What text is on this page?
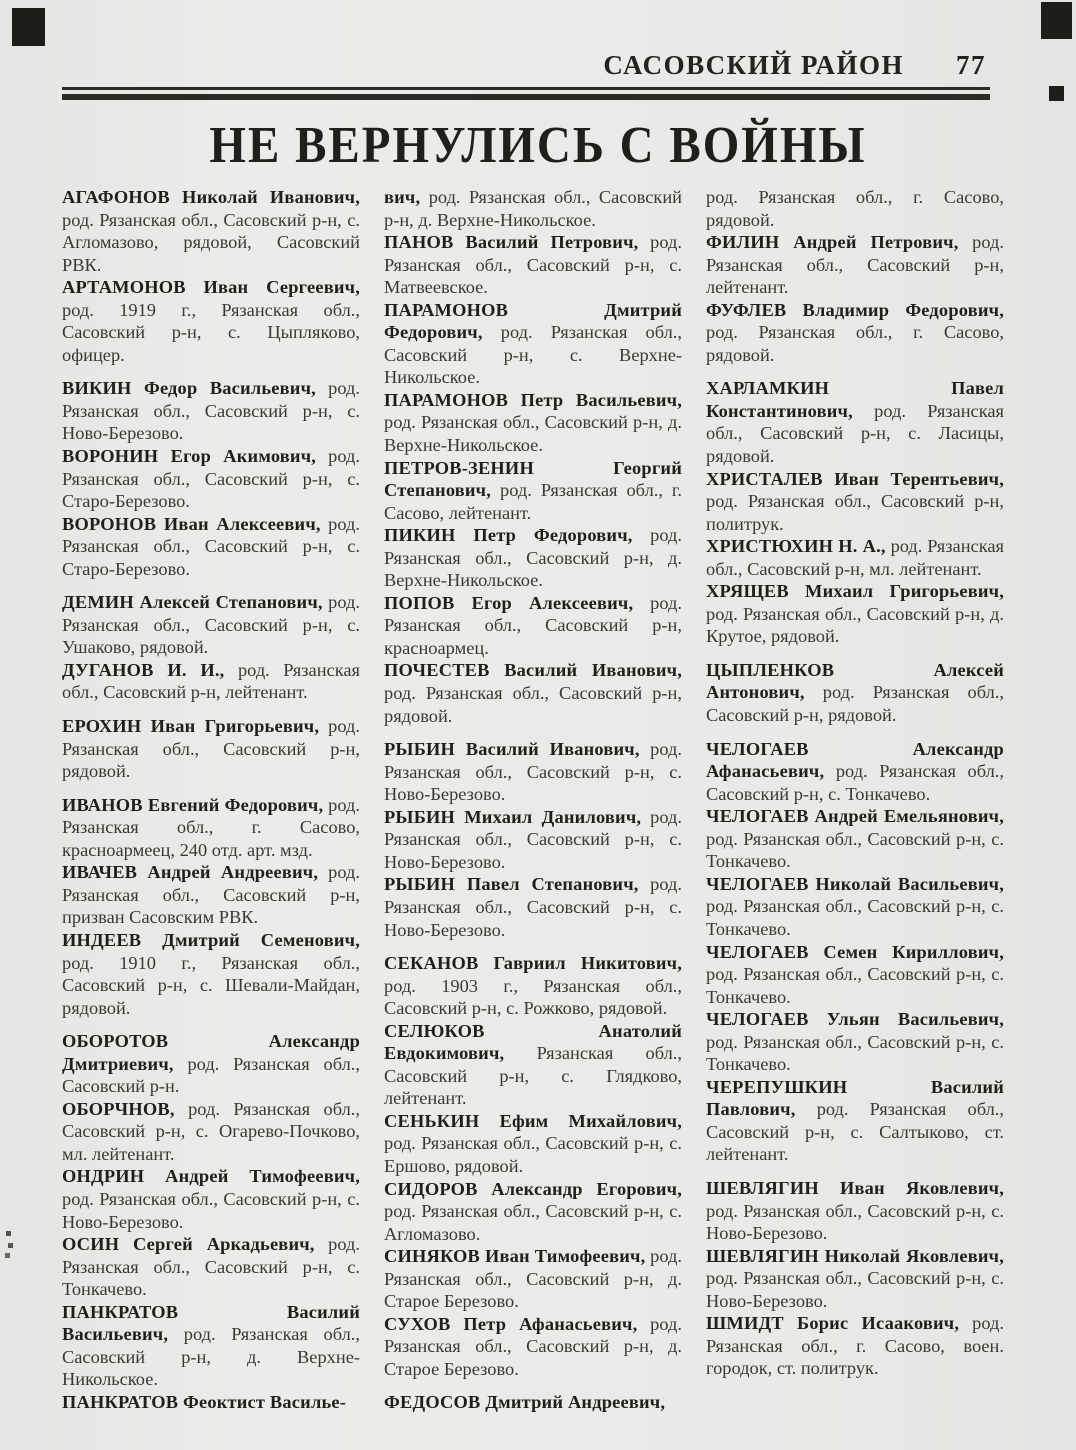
САСОВСКИЙ РАЙОН 77
НЕ ВЕРНУЛИСЬ С ВОЙНЫ

АГАФОНОВ Николай Иванович, род. Рязанская обл., Сасовский р-н, с. Агломазово, рядовой, Сасовский РВК.

АРТАМОНОВ Иван Сергеевич, род. 1919 г., Рязанская обл., Сасовский р-н, с. Цыпляково, офицер.

ВИКИН Федор Васильевич, род. Рязанская обл., Сасовский р-н, с. Ново-Березово.

ВОРОНИН Егор Акимович, род. Рязанская обл., Сасовский р-н, с. Старо-Березово.

ВОРОНОВ Иван Алексеевич, род. Рязанская обл., Сасовский р-н, с. Старо-Березово.

ДЕМИН Алексей Степанович, род. Рязанская обл., Сасовский р-н, с. Ушаково, рядовой.

ДУГАНОВ И. И., род. Рязанская обл., Сасовский р-н, лейтенант.

ЕРОХИН Иван Григорьевич, род. Рязанская обл., Сасовский р-н, рядовой.

ИВАНОВ Евгений Федорович, род. Рязанская обл., г. Сасово, красноармеец, 240 отд. арт. мзд.

ИВАЧЕВ Андрей Андреевич, род. Рязанская обл., Сасовский р-н, призван Сасовским РВК.

ИНДЕЕВ Дмитрий Семенович, род. 1910 г., Рязанская обл., Сасовский р-н, с. Шевали-Майдан, рядовой.

ОБОРОТОВ Александр Дмитриевич, род. Рязанская обл., Сасовский р-н.

ОБОРЧНОВ, род. Рязанская обл., Сасовский р-н, с. Огарево-Почково, мл. лейтенант.

ОНДРИН Андрей Тимофеевич, род. Рязанская обл., Сасовский р-н, с. Ново-Березово.

ОСИН Сергей Аркадьевич, род. Рязанская обл., Сасовский р-н, с. Тонкачево.

ПАНКРАТОВ Василий Васильевич, род. Рязанская обл., Сасовский р-н, д. Верхне-Никольское.

ПАНКРАТОВ Феоктист Василье-

вич, род. Рязанская обл., Сасовский р-н, д. Верхне-Никольское.

ПАНОВ Василий Петрович, род. Рязанская обл., Сасовский р-н, с. Матвеевское.

ПАРАМОНОВ Дмитрий Федорович, род. Рязанская обл., Сасовский р-н, с. Верхне-Никольское.

ПАРАМОНОВ Петр Васильевич, род. Рязанская обл., Сасовский р-н, д. Верхне-Никольское.

ПЕТРОВ-ЗЕНИН Георгий Степанович, род. Рязанская обл., г. Сасово, лейтенант.

ПИКИН Петр Федорович, род. Рязанская обл., Сасовский р-н, д. Верхне-Никольское.

ПОПОВ Егор Алексеевич, род. Рязанская обл., Сасовский р-н, красноармец.

ПОЧЕСТЕВ Василий Иванович, род. Рязанская обл., Сасовский р-н, рядовой.

РЫБИН Василий Иванович, род. Рязанская обл., Сасовский р-н, с. Ново-Березово.

РЫБИН Михаил Данилович, род. Рязанская обл., Сасовский р-н, с. Ново-Березово.

РЫБИН Павел Степанович, род. Рязанская обл., Сасовский р-н, с. Ново-Березово.

СЕКАНОВ Гавриил Никитович, род. 1903 г., Рязанская обл., Сасовский р-н, с. Рожково, рядовой.

СЕЛЮКОВ Анатолий Евдокимович, Рязанская обл., Сасовский р-н, с. Глядково, лейтенант.

СЕНЬКИН Ефим Михайлович, род. Рязанская обл., Сасовский р-н, с. Ершово, рядовой.

СИДОРОВ Александр Егорович, род. Рязанская обл., Сасовский р-н, с. Агломазово.

СИНЯКОВ Иван Тимофеевич, род. Рязанская обл., Сасовский р-н, д. Старое Березово.

СУХОВ Петр Афанасьевич, род. Рязанская обл., Сасовский р-н, д. Старое Березово.

ФЕДОСОВ Дмитрий Андреевич,

род. Рязанская обл., г. Сасово, рядовой.

ФИЛИН Андрей Петрович, род. Рязанская обл., Сасовский р-н, лейтенант.

ФУФЛЕВ Владимир Федорович, род. Рязанская обл., г. Сасово, рядовой.

ХАРЛАМКИН Павел Константинович, род. Рязанская обл., Сасовский р-н, с. Ласицы, рядовой.

ХРИСТАЛЕВ Иван Терентьевич, род. Рязанская обл., Сасовский р-н, политрук.

ХРИСТЮХИН Н. А., род. Рязанская обл., Сасовский р-н, мл. лейтенант.

ХРЯЩЕВ Михаил Григорьевич, род. Рязанская обл., Сасовский р-н, д. Крутое, рядовой.

ЦЫПЛЕНКОВ Алексей Антонович, род. Рязанская обл., Сасовский р-н, рядовой.

ЧЕЛОГАЕВ Александр Афанасьевич, род. Рязанская обл., Сасовский р-н, с. Тонкачево.

ЧЕЛОГАЕВ Андрей Емельянович, род. Рязанская обл., Сасовский р-н, с. Тонкачево.

ЧЕЛОГАЕВ Николай Васильевич, род. Рязанская обл., Сасовский р-н, с. Тонкачево.

ЧЕЛОГАЕВ Семен Кириллович, род. Рязанская обл., Сасовский р-н, с. Тонкачево.

ЧЕЛОГАЕВ Ульян Васильевич, род. Рязанская обл., Сасовский р-н, с. Тонкачево.

ЧЕРЕПУШКИН Василий Павлович, род. Рязанская обл., Сасовский р-н, с. Салтыково, ст. лейтенант.

ШЕВЛЯГИН Иван Яковлевич, род. Рязанская обл., Сасовский р-н, с. Ново-Березово.

ШЕВЛЯГИН Николай Яковлевич, род. Рязанская обл., Сасовский р-н, с. Ново-Березово.

ШМИДТ Борис Исаакович, род. Рязанская обл., г. Сасово, воен. городок, ст. политрук.
